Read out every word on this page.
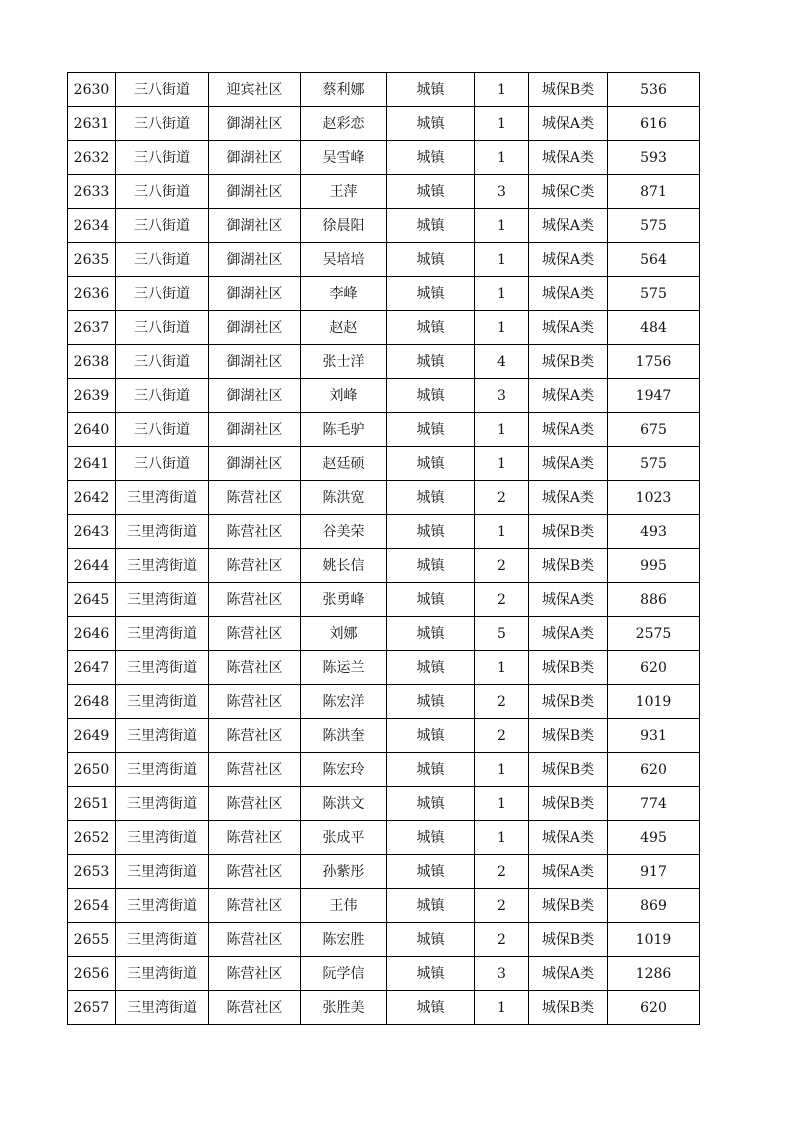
2630	三八街道	迎宾社区	蔡利娜	城镇	1	城保B类	536
2631	三八街道	御湖社区	赵彩恋	城镇	1	城保A类	616
2632	三八街道	御湖社区	吴雪峰	城镇	1	城保A类	593
2633	三八街道	御湖社区	王萍	城镇	3	城保C类	871
2634	三八街道	御湖社区	徐晨阳	城镇	1	城保A类	575
2635	三八街道	御湖社区	吴培培	城镇	1	城保A类	564
2636	三八街道	御湖社区	李峰	城镇	1	城保A类	575
2637	三八街道	御湖社区	赵赵	城镇	1	城保A类	484
2638	三八街道	御湖社区	张士洋	城镇	4	城保B类	1756
2639	三八街道	御湖社区	刘峰	城镇	3	城保A类	1947
2640	三八街道	御湖社区	陈毛驴	城镇	1	城保A类	675
2641	三八街道	御湖社区	赵廷硕	城镇	1	城保A类	575
2642	三里湾街道	陈营社区	陈洪宽	城镇	2	城保A类	1023
2643	三里湾街道	陈营社区	谷美荣	城镇	1	城保B类	493
2644	三里湾街道	陈营社区	姚长信	城镇	2	城保B类	995
2645	三里湾街道	陈营社区	张勇峰	城镇	2	城保A类	886
2646	三里湾街道	陈营社区	刘娜	城镇	5	城保A类	2575
2647	三里湾街道	陈营社区	陈运兰	城镇	1	城保B类	620
2648	三里湾街道	陈营社区	陈宏洋	城镇	2	城保B类	1019
2649	三里湾街道	陈营社区	陈洪奎	城镇	2	城保B类	931
2650	三里湾街道	陈营社区	陈宏玲	城镇	1	城保B类	620
2651	三里湾街道	陈营社区	陈洪文	城镇	1	城保B类	774
2652	三里湾街道	陈营社区	张成平	城镇	1	城保A类	495
2653	三里湾街道	陈营社区	孙紫彤	城镇	2	城保A类	917
2654	三里湾街道	陈营社区	王伟	城镇	2	城保B类	869
2655	三里湾街道	陈营社区	陈宏胜	城镇	2	城保B类	1019
2656	三里湾街道	陈营社区	阮学信	城镇	3	城保A类	1286
2657	三里湾街道	陈营社区	张胜美	城镇	1	城保B类	620
